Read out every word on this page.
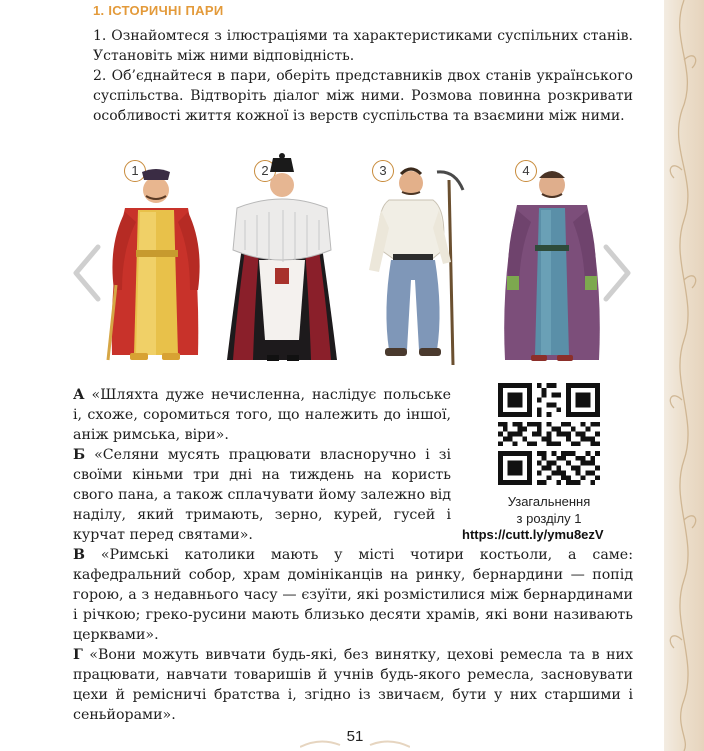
1. ІСТОРИЧНІ ПАРИ

1. Ознайомтеся з ілюстраціями та характеристиками суспільних станів. Установіть між ними відповідність.

2. Об’єднайтеся в пари, оберіть представників двох станів українського суспільства. Відтворіть діалог між ними. Розмова повинна розкривати особливості життя кожної із верств суспільства та взаємини між ними.

1	2	3	4

Узагальнення
з розділу 1

https://cutt.ly/ymu8ezV

А «Шляхта дуже нечисленна, наслідує польське і, схоже, соромиться того, що належить до іншої, аніж римська, віри».

Б «Селяни мусять працювати власноручно і зі своїми кіньми три дні на тиждень на користь свого пана, а також сплачувати йому залежно від наділу, який тримають, зерно, курей, гусей і курчат перед святами».

В «Римські католики мають у місті чотири костьоли, а саме: кафедральний собор, храм домініканців на ринку, бернардини — попід горою, а з недавнього часу — єзуїти, які розмістилися між бернардинами і річкою; греко-русини мають близько десяти храмів, які вони називають церквами».

Г «Вони можуть вивчати будь-які, без винятку, цехові ремесла та в них працювати, навчати товаришів й учнів будь-якого ремесла, засновувати цехи й ремісничі братства і, згідно із звичаєм, бути у них старшими і сеньйорами».

51
